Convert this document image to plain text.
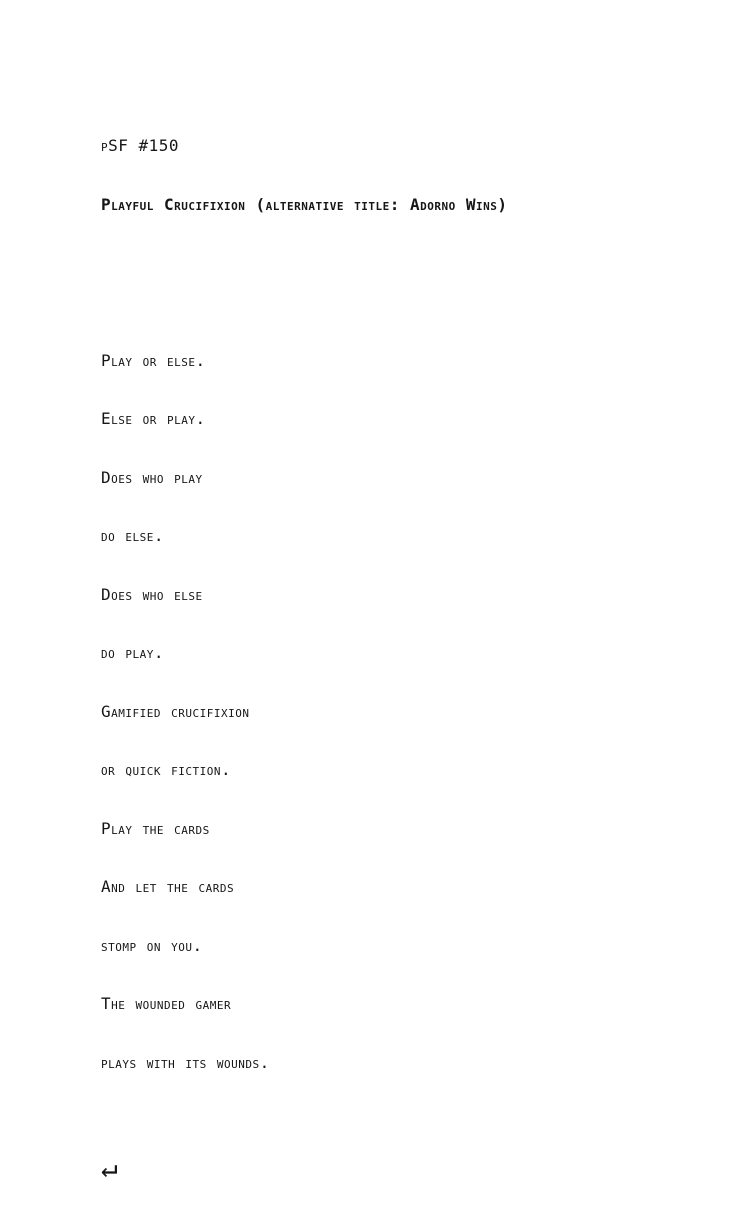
pSF #150

Playful Crucifixion (alternative title: Adorno Wins)

Play or else.

Else or play.

Does who play

do else.

Does who else

do play.

Gamified crucifixion

or quick fiction.

Play the cards

And let the cards

stomp on you.

The wounded gamer

plays with its wounds.

↵
